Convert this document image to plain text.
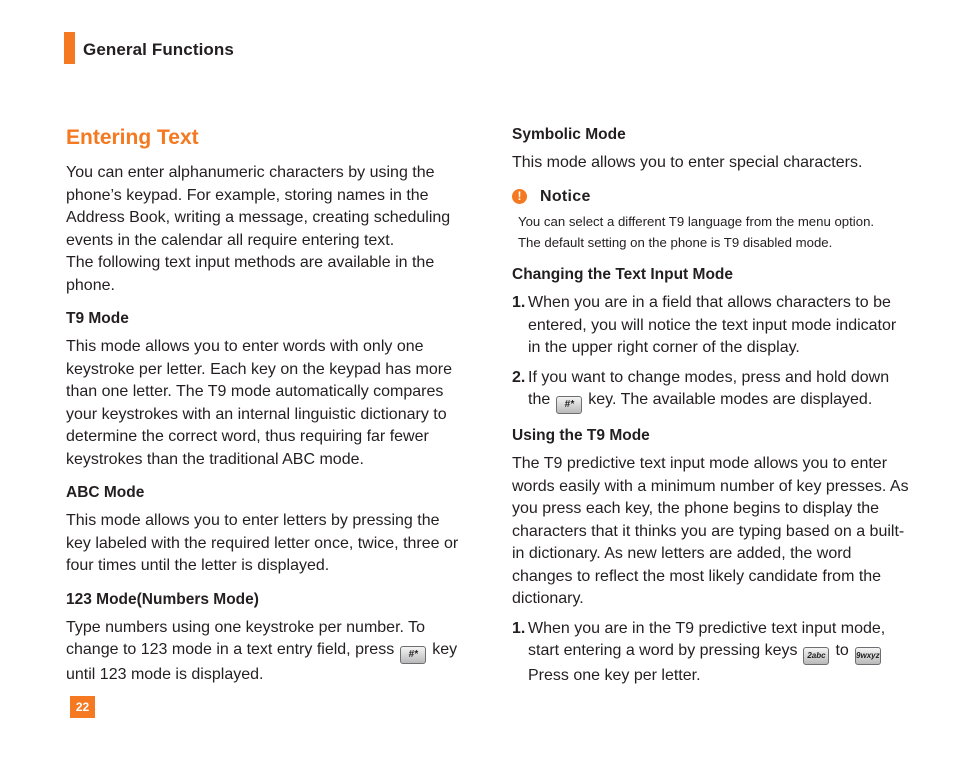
General Functions
Entering Text

You can enter alphanumeric characters by using the phone’s keypad. For example, storing names in the Address Book, writing a message, creating scheduling events in the calendar all require entering text.

The following text input methods are available in the phone.

T9 Mode

This mode allows you to enter words with only one keystroke per letter. Each key on the keypad has more than one letter. The T9 mode automatically compares your keystrokes with an internal linguistic dictionary to determine the correct word, thus requiring far fewer keystrokes than the traditional ABC mode.

ABC Mode

This mode allows you to enter letters by pressing the key labeled with the required letter once, twice, three or four times until the letter is displayed.

123 Mode(Numbers Mode)

Type numbers using one keystroke per number. To change to 123 mode in a text entry field, press #* key until 123 mode is displayed.

Symbolic Mode

This mode allows you to enter special characters.

!	Notice
You can select a different T9 language from the menu option.
The default setting on the phone is T9 disabled mode.
Changing the Text Input Mode
1. When you are in a field that allows characters to be entered, you will notice the text input mode indicator in the upper right corner of the display.
2. If you want to change modes, press and hold down the #* key. The available modes are displayed.
Using the T9 Mode

The T9 predictive text input mode allows you to enter words easily with a minimum number of key presses. As you press each key, the phone begins to display the characters that it thinks you are typing based on a built-in dictionary. As new letters are added, the word changes to reflect the most likely candidate from the dictionary.

1. When you are in the T9 predictive text input mode, start entering a word by pressing keys 2abc to 9wxyz
Press one key per letter.
22
